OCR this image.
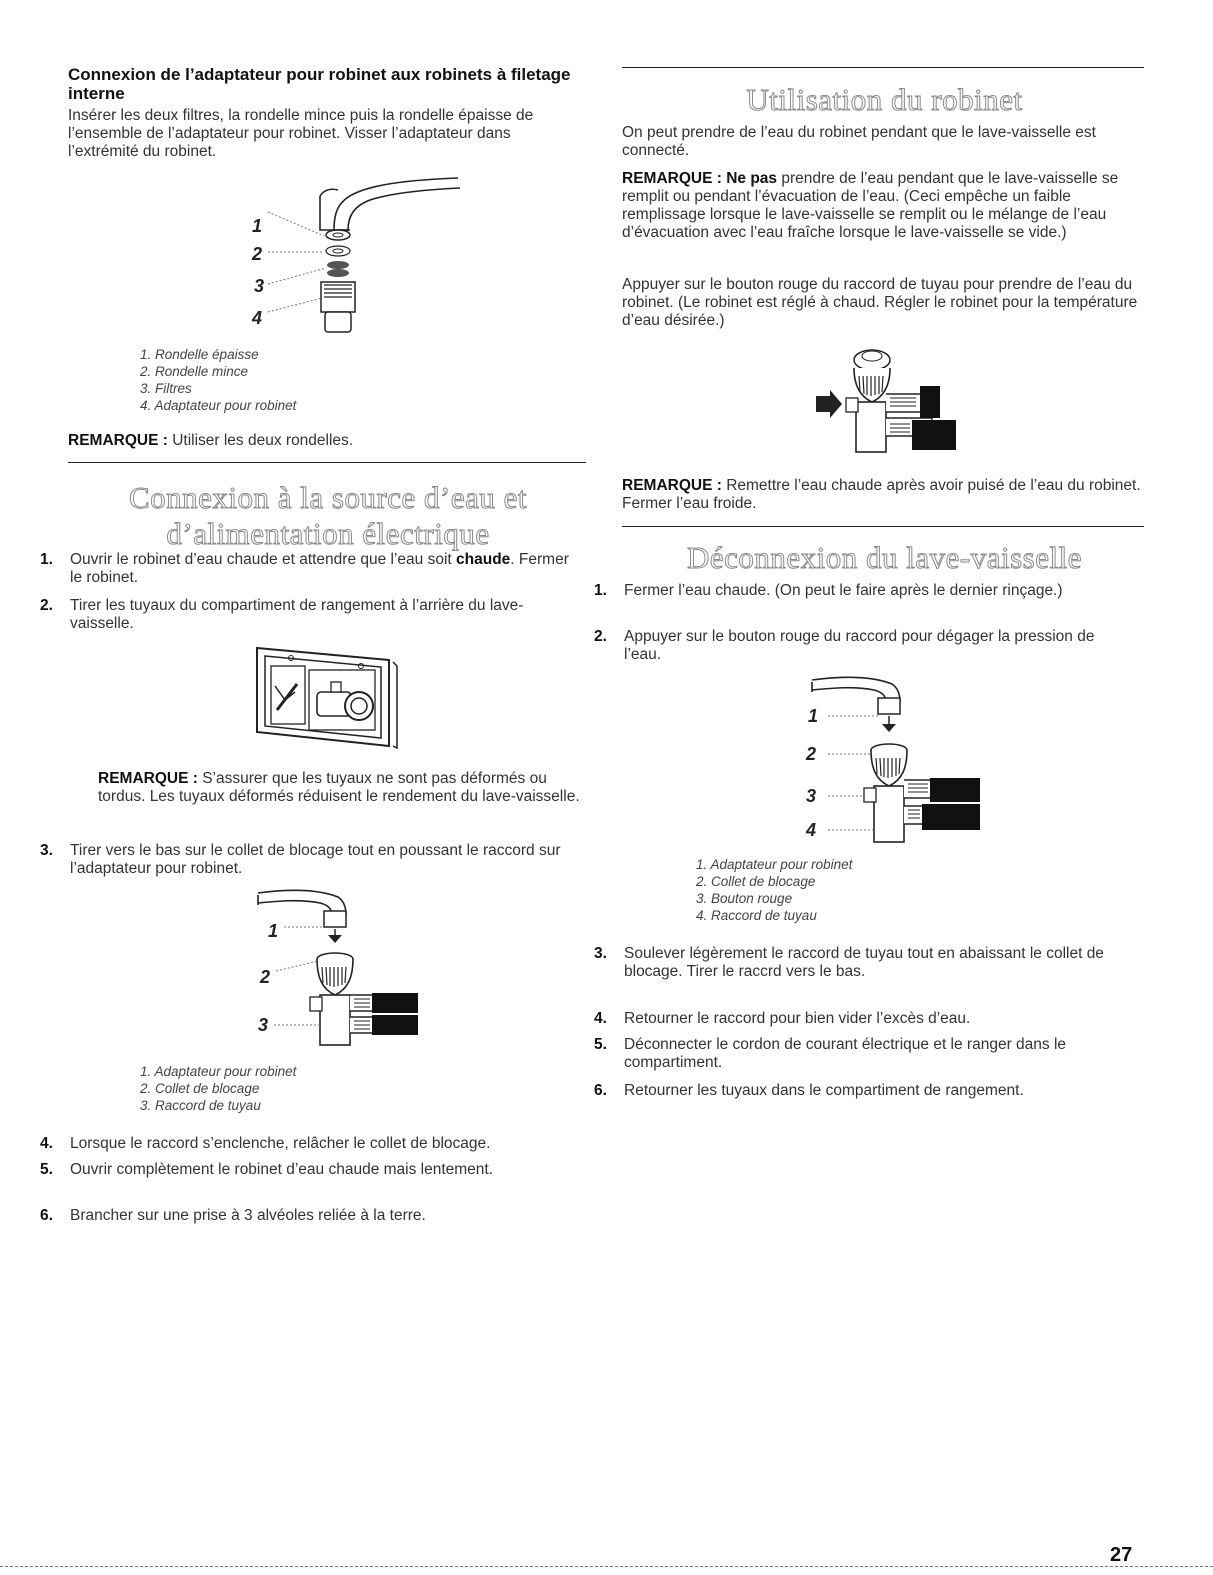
Connexion de l’adaptateur pour robinet aux robinets à filetage interne
Insérer les deux filtres, la rondelle mince puis la rondelle épaisse de l’ensemble de l’adaptateur pour robinet. Visser l’adaptateur dans l’extrémité du robinet.
1
2
3
4
1. Rondelle épaisse
2. Rondelle mince
3. Filtres
4. Adaptateur pour robinet
REMARQUE : Utiliser les deux rondelles.
Connexion à la source d’eau et
d’alimentation électrique
1. Ouvrir le robinet d’eau chaude et attendre que l’eau soit chaude. Fermer le robinet.
2. Tirer les tuyaux du compartiment de rangement à l’arrière du lave-vaisselle.
REMARQUE : S’assurer que les tuyaux ne sont pas déformés ou tordus. Les tuyaux déformés réduisent le rendement du lave-vaisselle.
3. Tirer vers le bas sur le collet de blocage tout en poussant le raccord sur l’adaptateur pour robinet.
1
2
3
1. Adaptateur pour robinet
2. Collet de blocage
3. Raccord de tuyau
4. Lorsque le raccord s’enclenche, relâcher le collet de blocage.
5. Ouvrir complètement le robinet d’eau chaude mais lentement.
6. Brancher sur une prise à 3 alvéoles reliée à la terre.
Utilisation du robinet
On peut prendre de l’eau du robinet pendant que le lave-vaisselle est connecté.
REMARQUE : Ne pas prendre de l’eau pendant que le lave-vaisselle se remplit ou pendant l’évacuation de l’eau. (Ceci empêche un faible remplissage lorsque le lave-vaisselle se remplit ou le mélange de l’eau d’évacuation avec l’eau fraîche lorsque le lave-vaisselle se vide.)
Appuyer sur le bouton rouge du raccord de tuyau pour prendre de l’eau du robinet. (Le robinet est réglé à chaud. Régler le robinet pour la température d’eau désirée.)
REMARQUE : Remettre l’eau chaude après avoir puisé de l’eau du robinet. Fermer l’eau froide.
Déconnexion du lave-vaisselle
1. Fermer l’eau chaude. (On peut le faire après le dernier rinçage.)
2. Appuyer sur le bouton rouge du raccord pour dégager la pression de l’eau.
1
2
3
4
1. Adaptateur pour robinet
2. Collet de blocage
3. Bouton rouge
4. Raccord de tuyau
3. Soulever légèrement le raccord de tuyau tout en abaissant le collet de blocage. Tirer le raccrd vers le bas.
4. Retourner le raccord pour bien vider l’excès d’eau.
5. Déconnecter le cordon de courant électrique et le ranger dans le compartiment.
6. Retourner les tuyaux dans le compartiment de rangement.
27
